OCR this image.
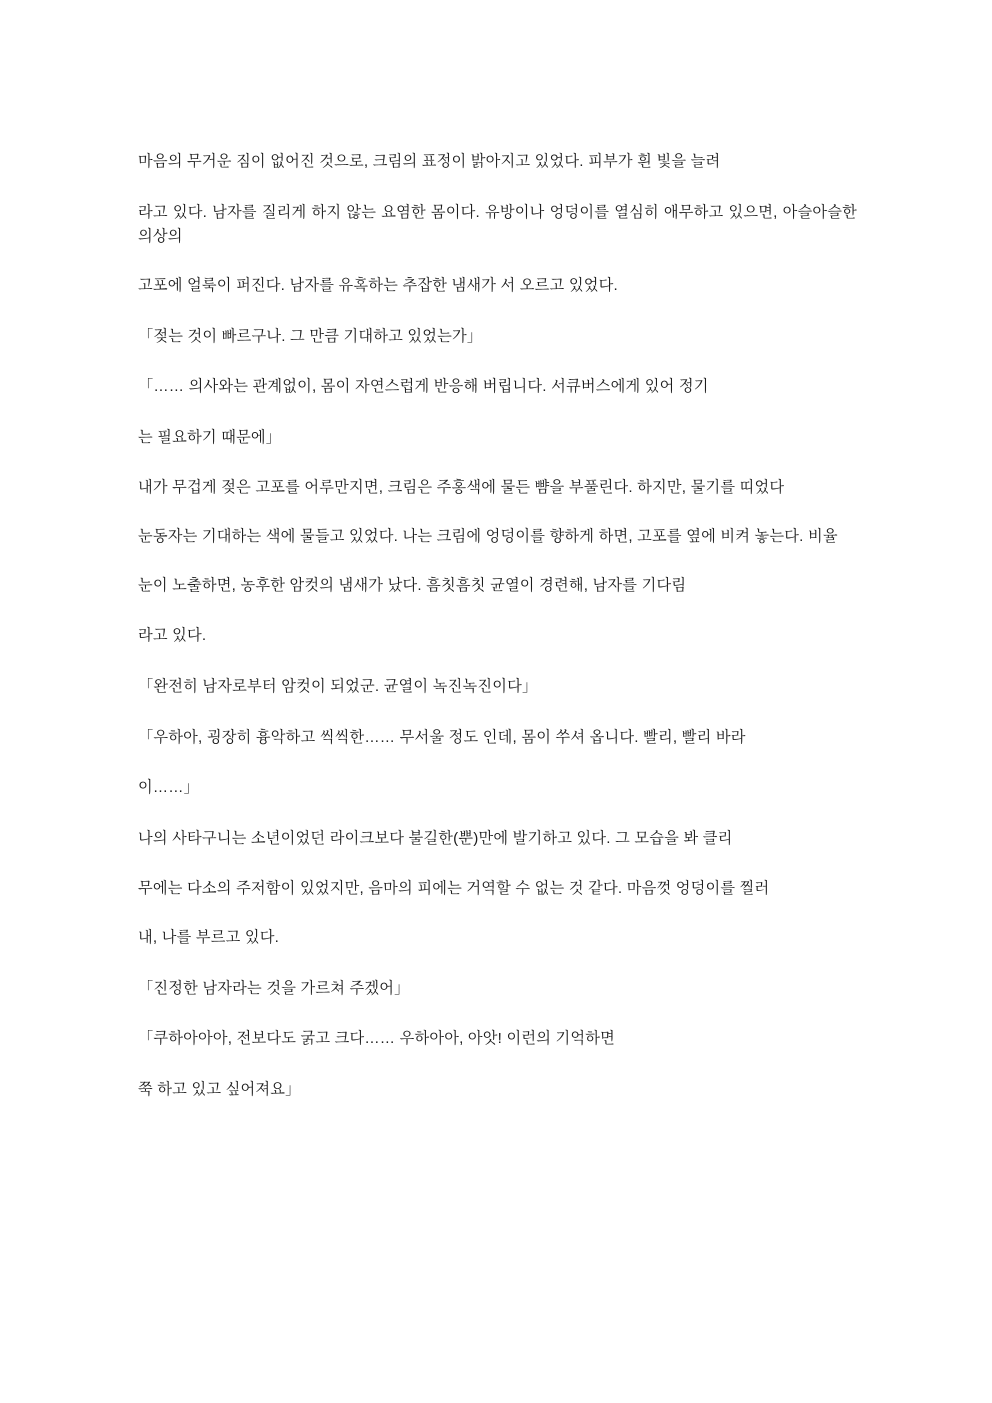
마음의 무거운 짐이 없어진 것으로, 크림의 표정이 밝아지고 있었다. 피부가 흰 빛을 늘려

라고 있다. 남자를 질리게 하지 않는 요염한 몸이다. 유방이나 엉덩이를 열심히 애무하고 있으면, 아슬아슬한 의상의

고포에 얼룩이 퍼진다. 남자를 유혹하는 추잡한 냄새가 서 오르고 있었다.

「젖는 것이 빠르구나. 그 만큼 기대하고 있었는가」

「…… 의사와는 관계없이, 몸이 자연스럽게 반응해 버립니다. 서큐버스에게 있어 정기

는 필요하기 때문에」

내가 무겁게 젖은 고포를 어루만지면, 크림은 주홍색에 물든 뺨을 부풀린다. 하지만, 물기를 띠었다

눈동자는 기대하는 색에 물들고 있었다. 나는 크림에 엉덩이를 향하게 하면, 고포를 옆에 비켜 놓는다. 비율

눈이 노출하면, 농후한 암컷의 냄새가 났다. 흠칫흠칫 균열이 경련해, 남자를 기다림

라고 있다.

「완전히 남자로부터 암컷이 되었군. 균열이 녹진녹진이다」

「우하아, 굉장히 흉악하고 씩씩한…… 무서울 정도 인데, 몸이 쑤셔 옵니다. 빨리, 빨리 바라

이……」

나의 사타구니는 소년이었던 라이크보다 불길한(뿐)만에 발기하고 있다. 그 모습을 봐 클리

무에는 다소의 주저함이 있었지만, 음마의 피에는 거역할 수 없는 것 같다. 마음껏 엉덩이를 찔러

내, 나를 부르고 있다.

「진정한 남자라는 것을 가르쳐 주겠어」

「쿠하아아아, 전보다도 굵고 크다…… 우하아아, 아앗! 이런의 기억하면

쭉 하고 있고 싶어져요」
